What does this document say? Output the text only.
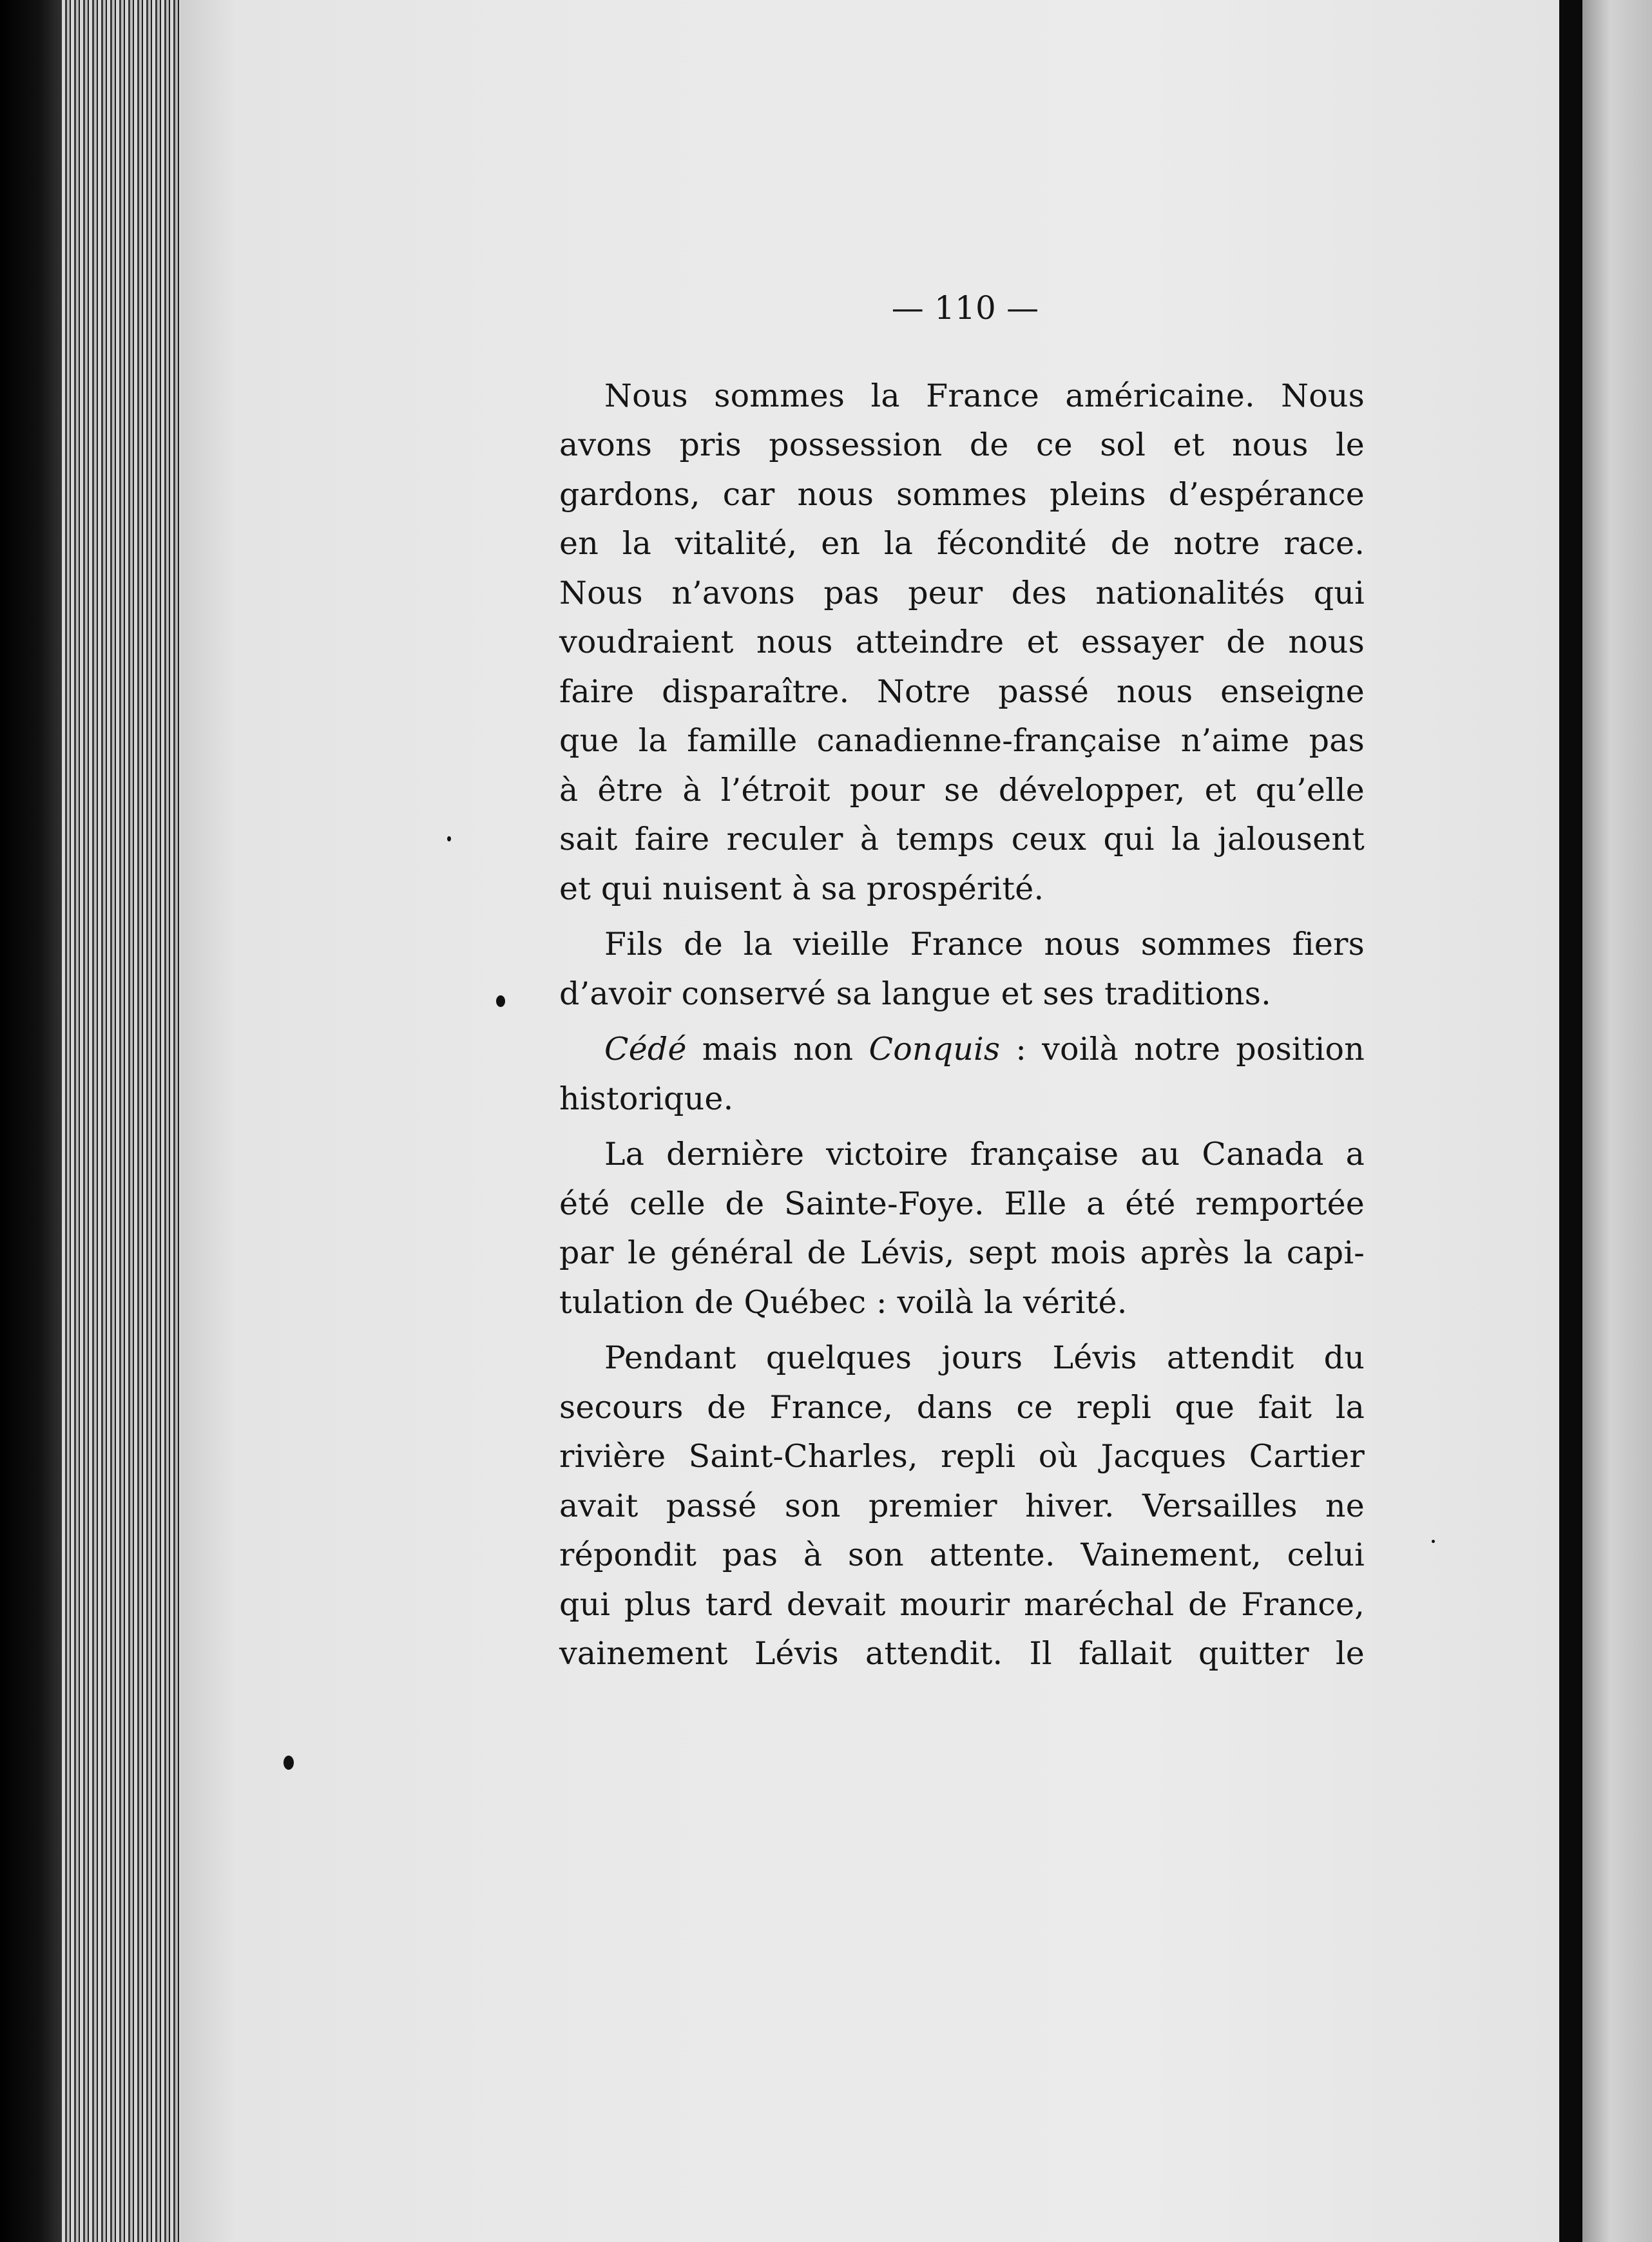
— 110 —
Nous sommes la France américaine. Nous
avons pris possession de ce sol et nous le
gardons, car nous sommes pleins d’espérance
en la vitalité, en la fécondité de notre race.
Nous n’avons pas peur des nationalités qui
voudraient nous atteindre et essayer de nous
faire disparaître. Notre passé nous enseigne
que la famille canadienne-française n’aime pas
à être à l’étroit pour se développer, et qu’elle
sait faire reculer à temps ceux qui la jalousent
et qui nuisent à sa prospérité.
Fils de la vieille France nous sommes fiers
d’avoir conservé sa langue et ses traditions.
Cédé mais non Conquis : voilà notre position
historique.
La dernière victoire française au Canada a
été celle de Sainte-Foye. Elle a été remportée
par le général de Lévis, sept mois après la capi-
tulation de Québec : voilà la vérité.
Pendant quelques jours Lévis attendit du
secours de France, dans ce repli que fait la
rivière Saint-Charles, repli où Jacques Cartier
avait passé son premier hiver. Versailles ne
répondit pas à son attente. Vainement, celui
qui plus tard devait mourir maréchal de France,
vainement Lévis attendit. Il fallait quitter le
